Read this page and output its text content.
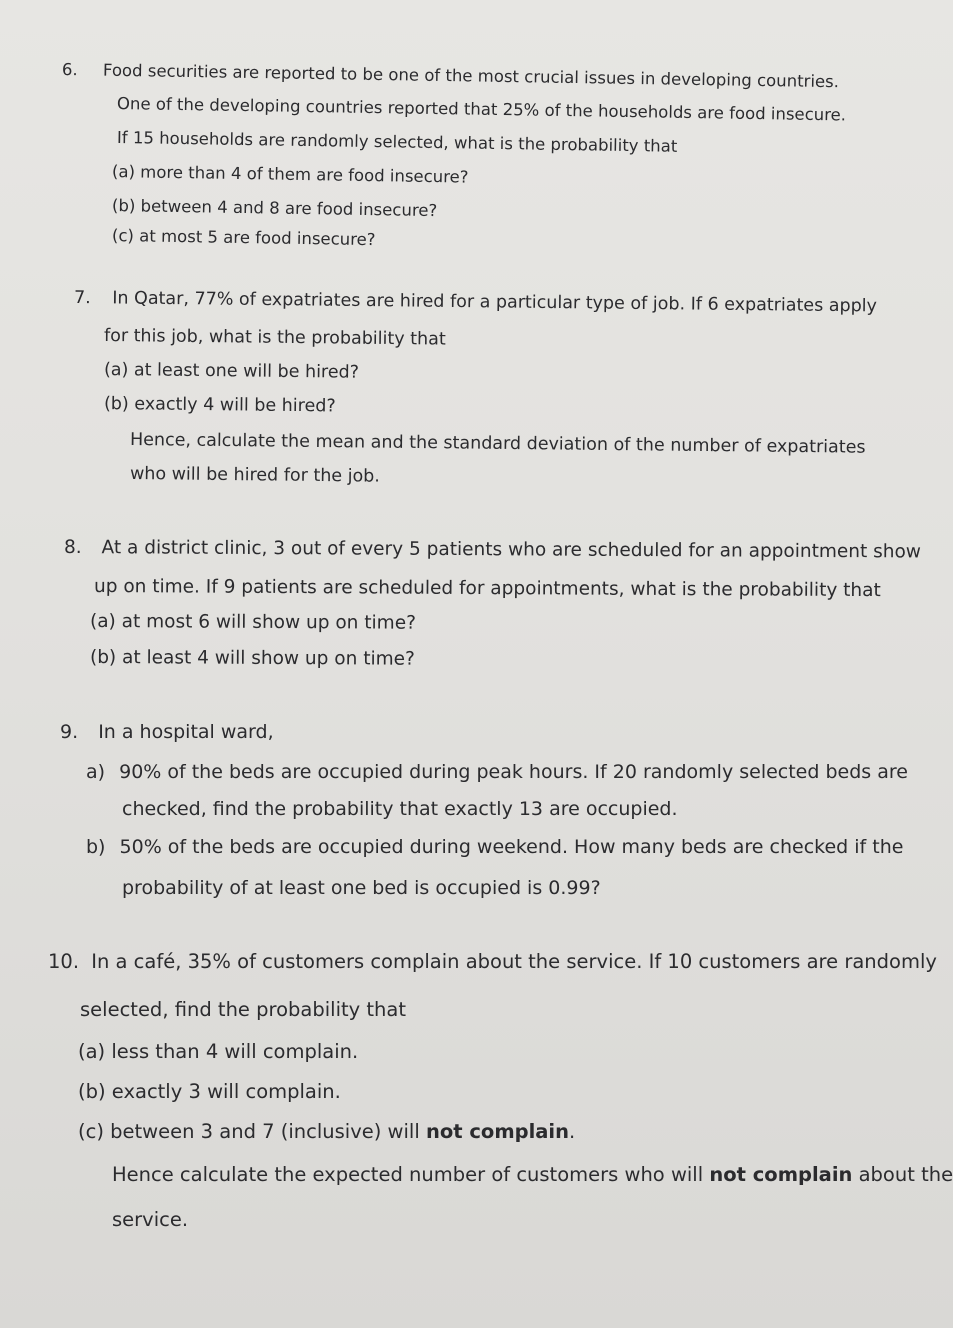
6. Food securities are reported to be one of the most crucial issues in developing countries.
One of the developing countries reported that 25% of the households are food insecure.
If 15 households are randomly selected, what is the probability that
(a) more than 4 of them are food insecure?
(b) between 4 and 8 are food insecure?
(c) at most 5 are food insecure?
7. In Qatar, 77% of expatriates are hired for a particular type of job. If 6 expatriates apply
for this job, what is the probability that
(a) at least one will be hired?
(b) exactly 4 will be hired?
Hence, calculate the mean and the standard deviation of the number of expatriates
who will be hired for the job.
8. At a district clinic, 3 out of every 5 patients who are scheduled for an appointment show
up on time. If 9 patients are scheduled for appointments, what is the probability that
(a) at most 6 will show up on time?
(b) at least 4 will show up on time?
9. In a hospital ward,
a) 90% of the beds are occupied during peak hours. If 20 randomly selected beds are
checked, find the probability that exactly 13 are occupied.
b) 50% of the beds are occupied during weekend. How many beds are checked if the
probability of at least one bed is occupied is 0.99?
10. In a café, 35% of customers complain about the service. If 10 customers are randomly
selected, find the probability that
(a) less than 4 will complain.
(b) exactly 3 will complain.
(c) between 3 and 7 (inclusive) will not complain.
Hence calculate the expected number of customers who will not complain about the
service.
